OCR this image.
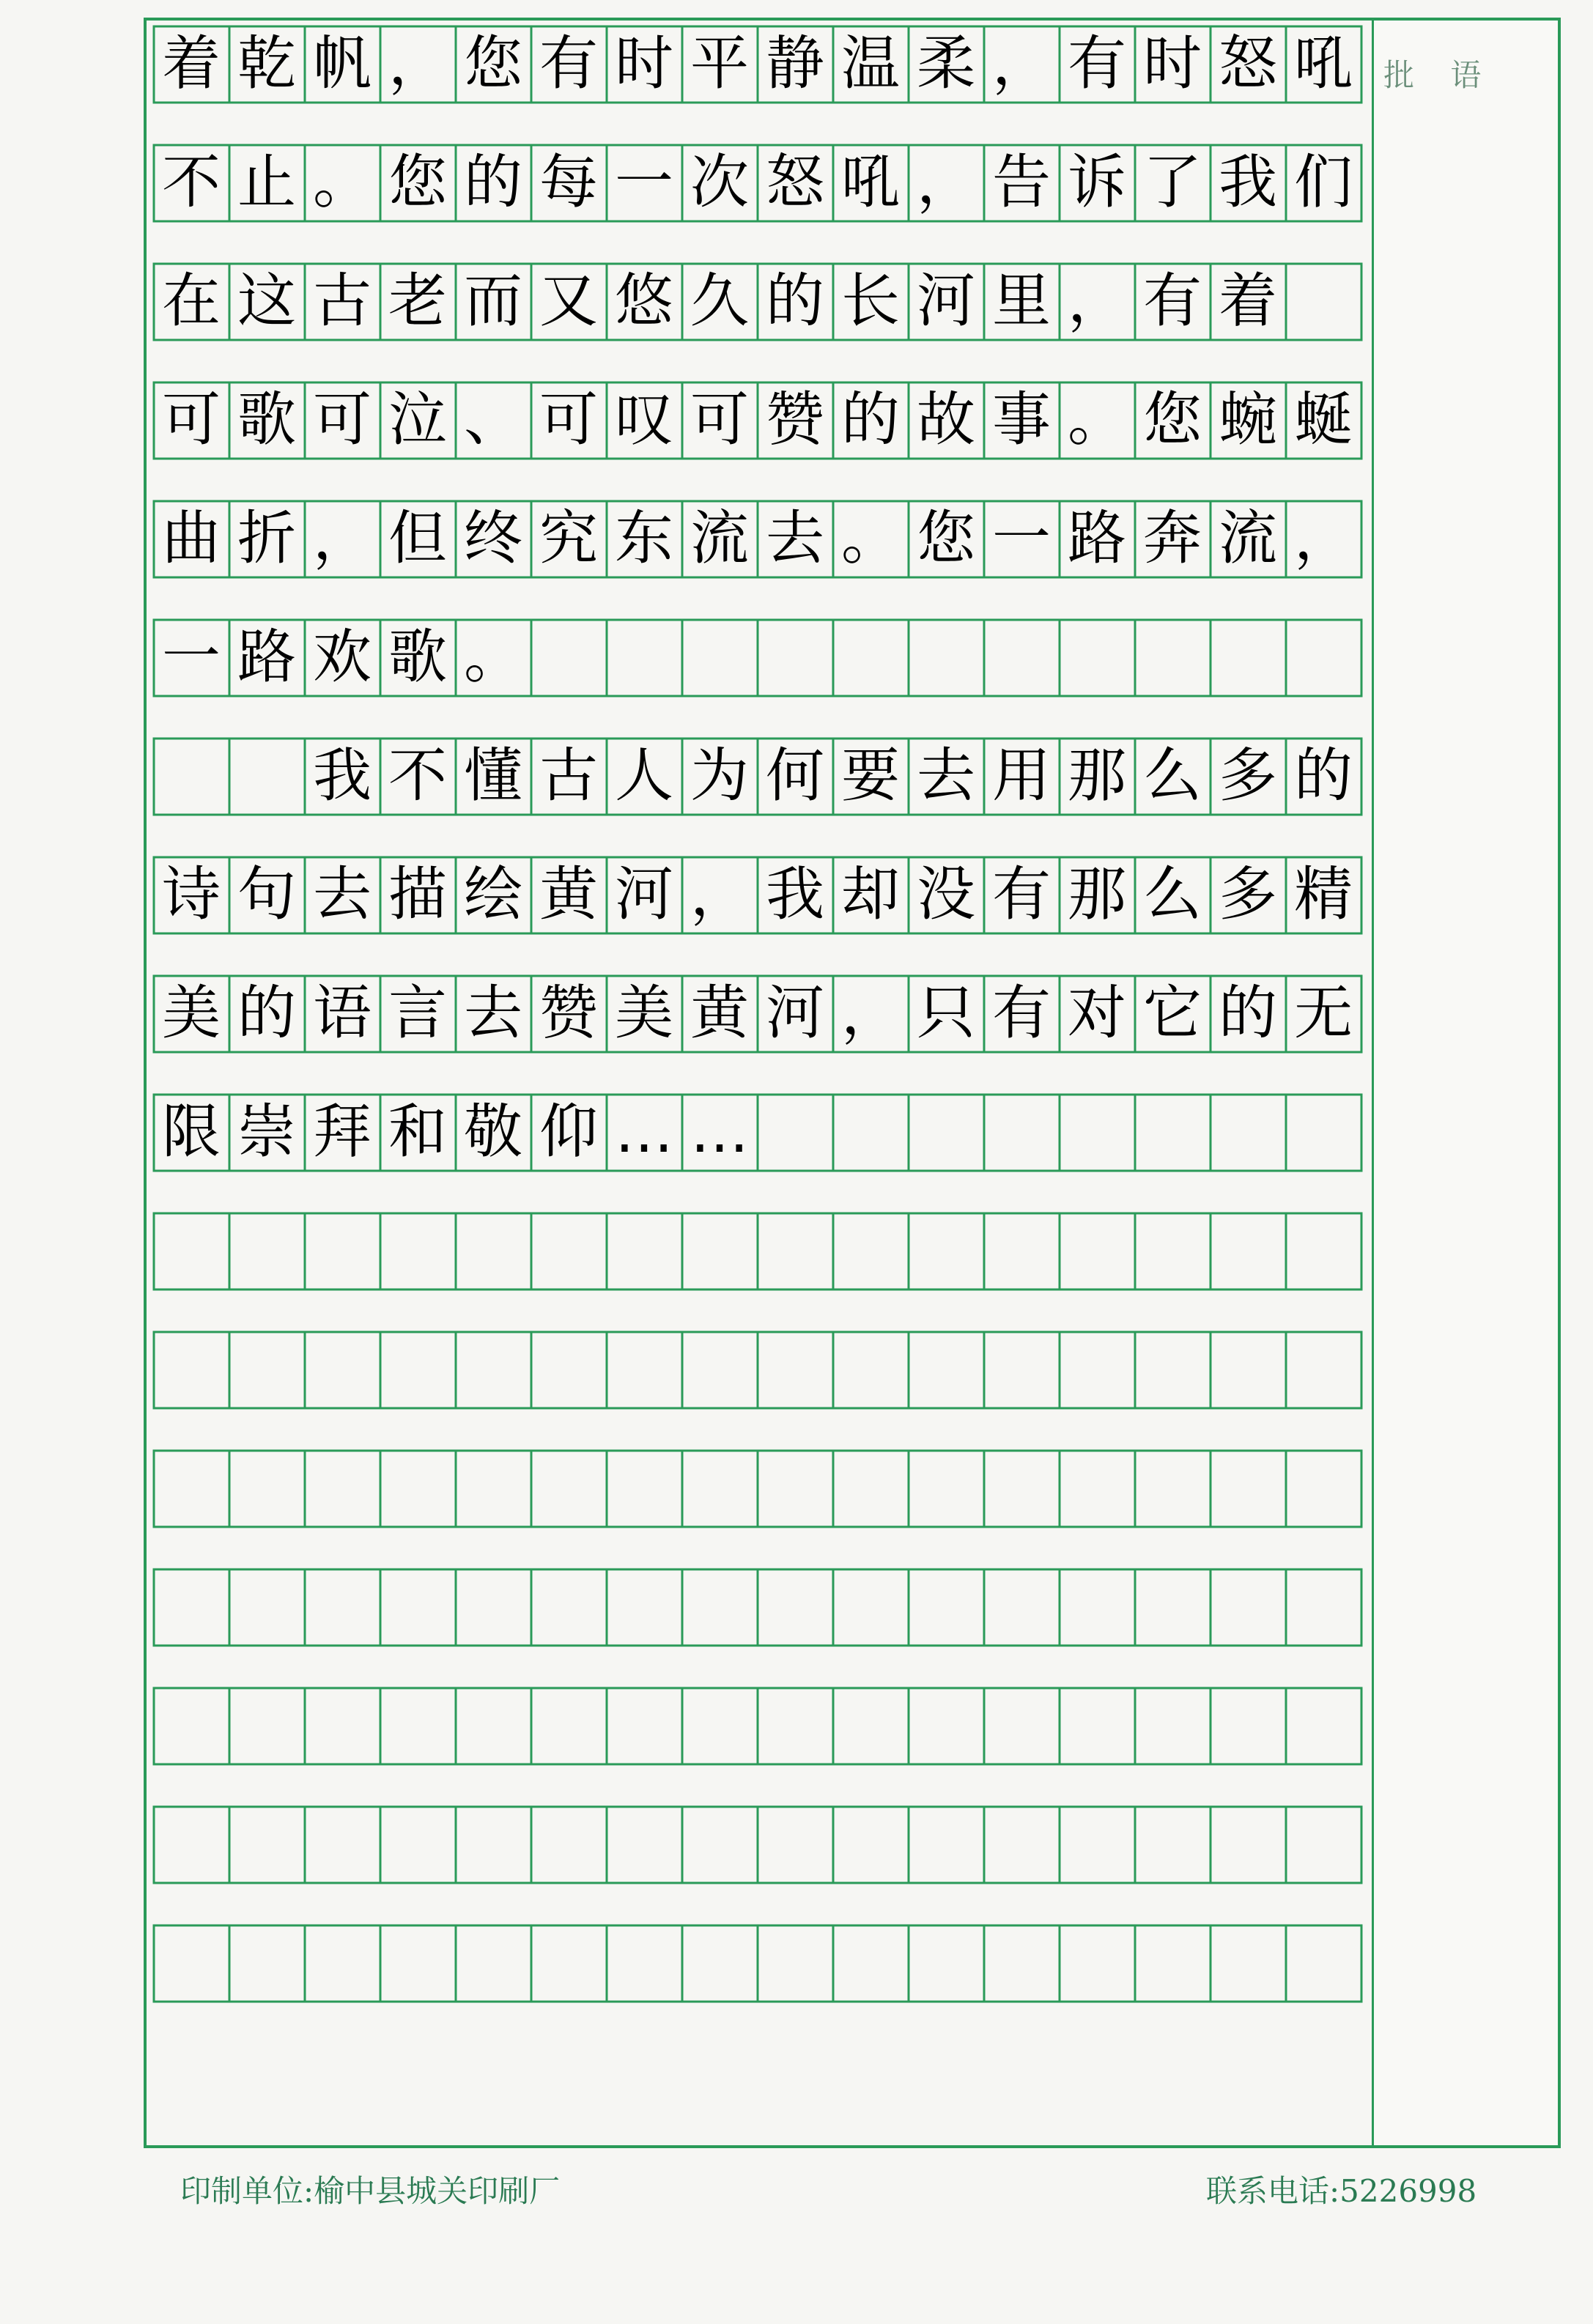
着 乾 帆 ， 您 有 时 平 静 温 柔 ， 有 时 怒 吼
不 止 。 您 的 每 一 次 怒 吼 ， 告 诉 了 我 们
在 这 古 老 而 又 悠 久 的 长 河 里 ， 有 着
可 歌 可 泣 、 可 叹 可 赞 的 故 事 。 您 蜿 蜒
曲 折 ， 但 终 究 东 流 去 。 您 一 路 奔 流 ，
一 路 欢 歌 。
我 不 懂 古 人 为 何 要 去 用 那 么 多 的
诗 句 去 描 绘 黄 河 ， 我 却 没 有 那 么 多 精
美 的 语 言 去 赞 美 黄 河 ， 只 有 对 它 的 无
限 崇 拜 和 敬 仰 … …
批 语
印制单位:榆中县城关印刷厂	联系电话:5226998
